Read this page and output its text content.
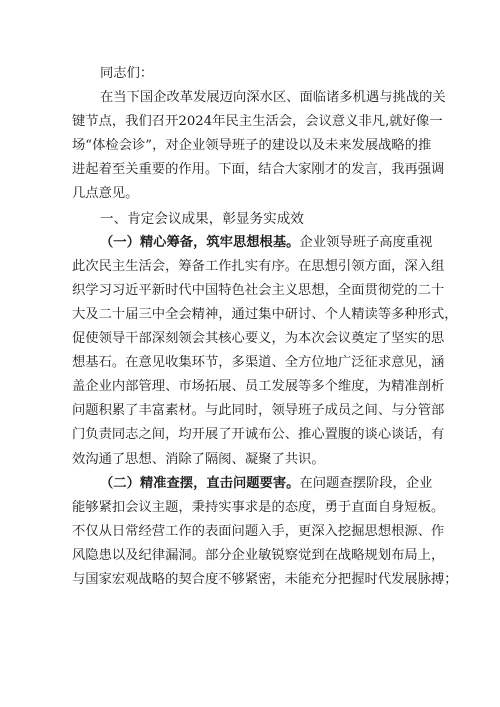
同志们：
在当下国企改革发展迈向深水区、面临诸多机遇与挑战的关
键节点，我们召开2024年民主生活会，会议意义非凡,就好像一
场“体检会诊”，对企业领导班子的建设以及未来发展战略的推
进起着至关重要的作用。下面，结合大家刚才的发言，我再强调
几点意见。
一、肯定会议成果，彰显务实成效
（一）精心筹备，筑牢思想根基。企业领导班子高度重视
此次民主生活会，筹备工作扎实有序。在思想引领方面，深入组
织学习习近平新时代中国特色社会主义思想，全面贯彻党的二十
大及二十届三中全会精神，通过集中研讨、个人精读等多种形式，
促使领导干部深刻领会其核心要义，为本次会议奠定了坚实的思
想基石。在意见收集环节，多渠道、全方位地广泛征求意见，涵
盖企业内部管理、市场拓展、员工发展等多个维度，为精准剖析
问题积累了丰富素材。与此同时，领导班子成员之间、与分管部
门负责同志之间，均开展了开诚布公、推心置腹的谈心谈话，有
效沟通了思想、消除了隔阂、凝聚了共识。
（二）精准查摆，直击问题要害。在问题查摆阶段，企业
能够紧扣会议主题，秉持实事求是的态度，勇于直面自身短板。
不仅从日常经营工作的表面问题入手，更深入挖掘思想根源、作
风隐患以及纪律漏洞。部分企业敏锐察觉到在战略规划布局上，
与国家宏观战略的契合度不够紧密，未能充分把握时代发展脉搏；
